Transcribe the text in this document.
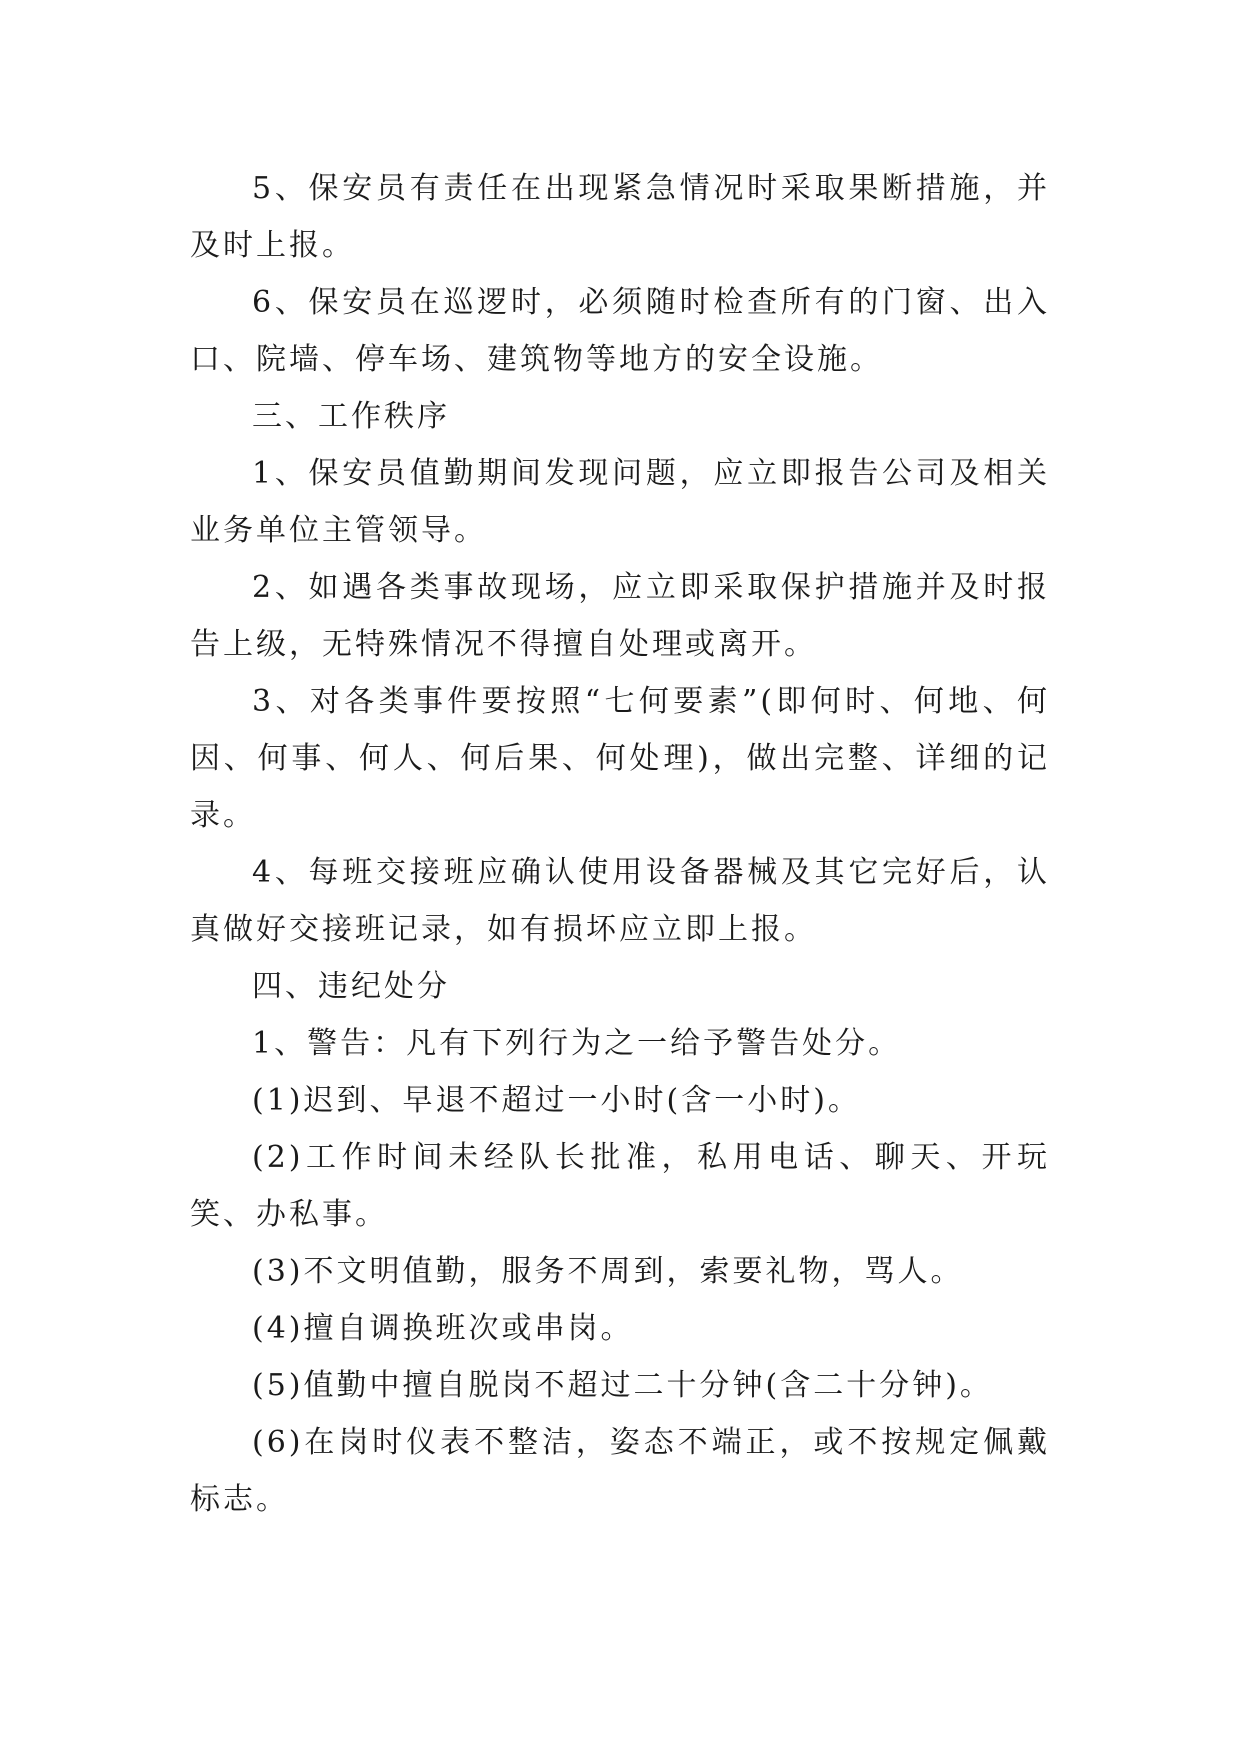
5、保安员有责任在出现紧急情况时采取果断措施，并及时上报。

6、保安员在巡逻时，必须随时检查所有的门窗、出入口、院墙、停车场、建筑物等地方的安全设施。

三、工作秩序

1、保安员值勤期间发现问题，应立即报告公司及相关业务单位主管领导。

2、如遇各类事故现场，应立即采取保护措施并及时报告上级，无特殊情况不得擅自处理或离开。

3、对各类事件要按照“七何要素”(即何时、何地、何因、何事、何人、何后果、何处理)，做出完整、详细的记录。

4、每班交接班应确认使用设备器械及其它完好后，认真做好交接班记录，如有损坏应立即上报。

四、违纪处分

1、警告：凡有下列行为之一给予警告处分。

(1)迟到、早退不超过一小时(含一小时)。

(2)工作时间未经队长批准，私用电话、聊天、开玩笑、办私事。

(3)不文明值勤，服务不周到，索要礼物，骂人。

(4)擅自调换班次或串岗。

(5)值勤中擅自脱岗不超过二十分钟(含二十分钟)。

(6)在岗时仪表不整洁，姿态不端正，或不按规定佩戴标志。
